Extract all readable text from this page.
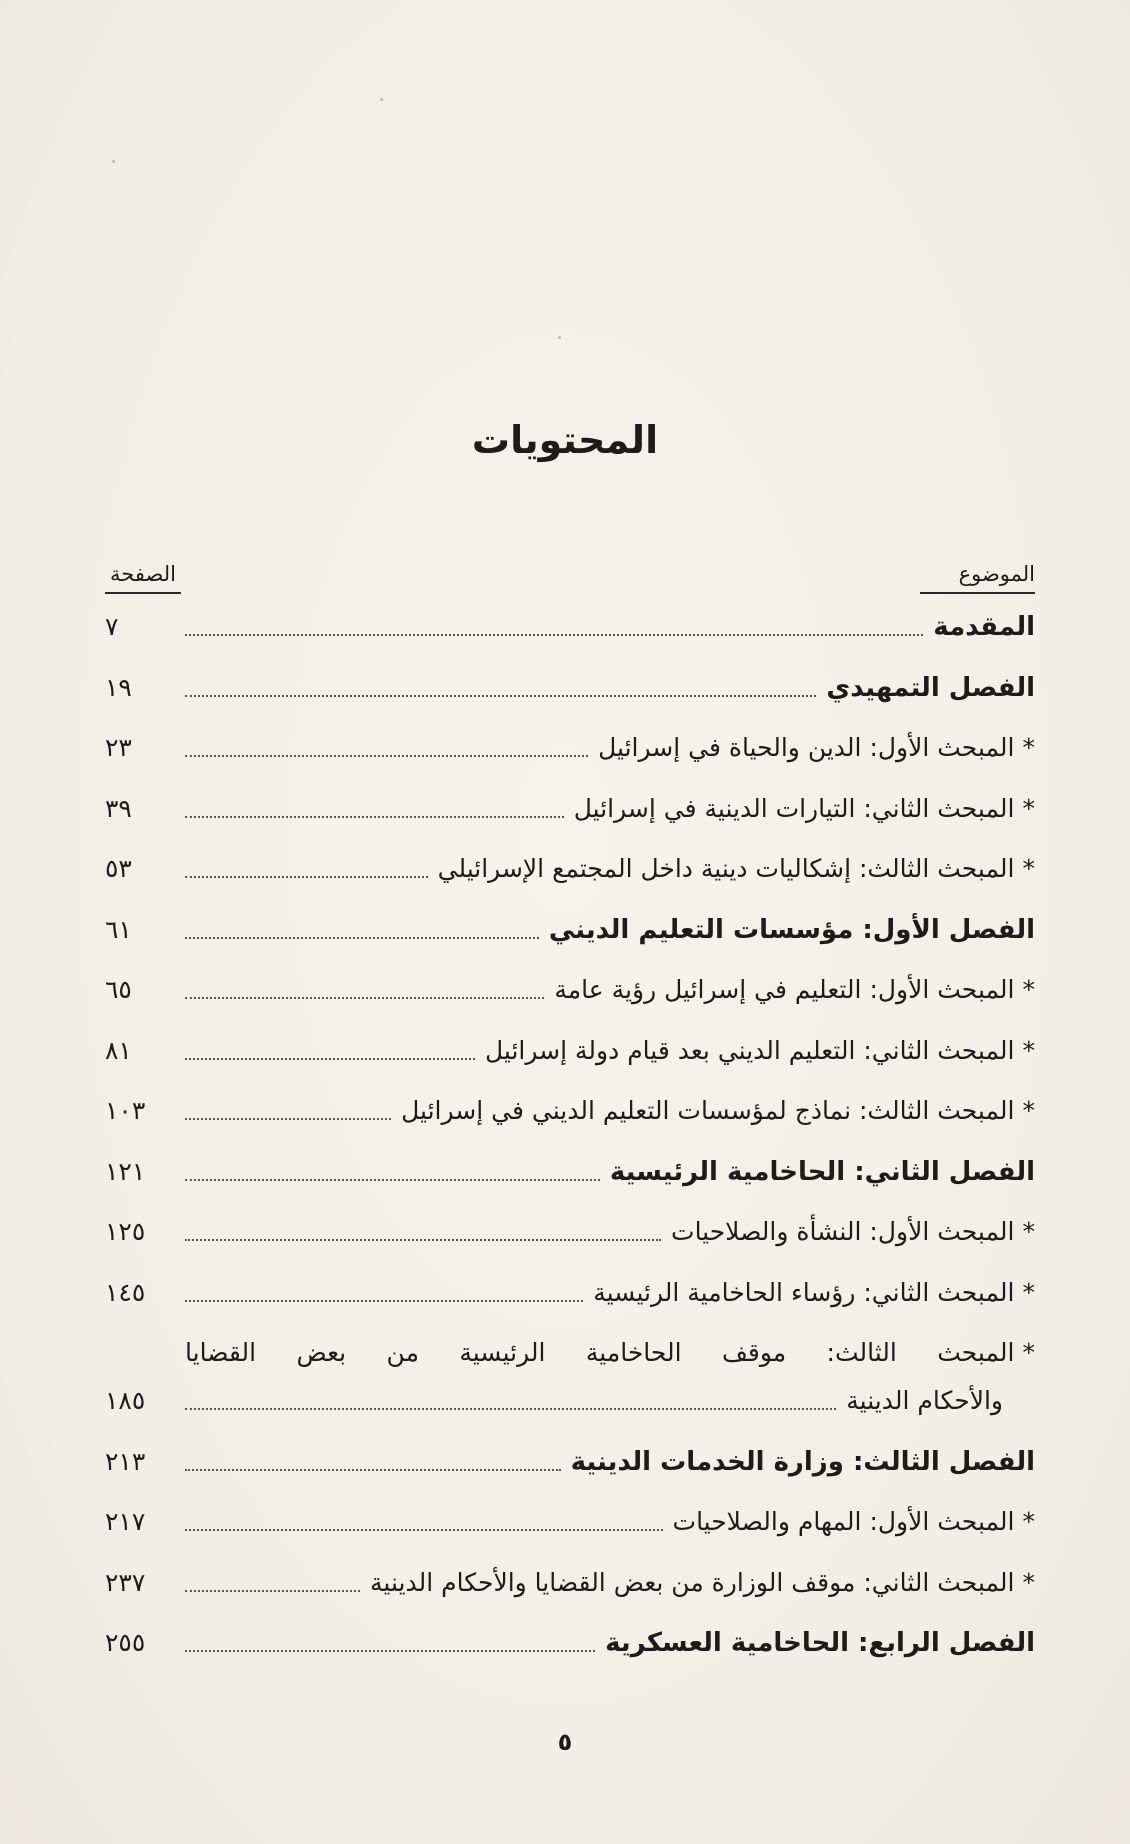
المحتويات
الموضوع
الصفحة
المقدمة
٧
الفصل التمهيدي
١٩
*المبحث الأول: الدين والحياة في إسرائيل
٢٣
*المبحث الثاني: التيارات الدينية في إسرائيل
٣٩
*المبحث الثالث: إشكاليات دينية داخل المجتمع الإسرائيلي
٥٣
الفصل الأول: مؤسسات التعليم الديني
٦١
*المبحث الأول: التعليم في إسرائيل رؤية عامة
٦٥
*المبحث الثاني: التعليم الديني بعد قيام دولة إسرائيل
٨١
*المبحث الثالث: نماذج لمؤسسات التعليم الديني في إسرائيل
١٠٣
الفصل الثاني: الحاخامية الرئيسية
١٢١
*المبحث الأول: النشأة والصلاحيات
١٢٥
*المبحث الثاني: رؤساء الحاخامية الرئيسية
١٤٥
*المبحث الثالث: موقف الحاخامية الرئيسية من بعض القضايا
والأحكام الدينية
١٨٥
الفصل الثالث: وزارة الخدمات الدينية
٢١٣
*المبحث الأول: المهام والصلاحيات
٢١٧
*المبحث الثاني: موقف الوزارة من بعض القضايا والأحكام الدينية
٢٣٧
الفصل الرابع: الحاخامية العسكرية
٢٥٥
٥
